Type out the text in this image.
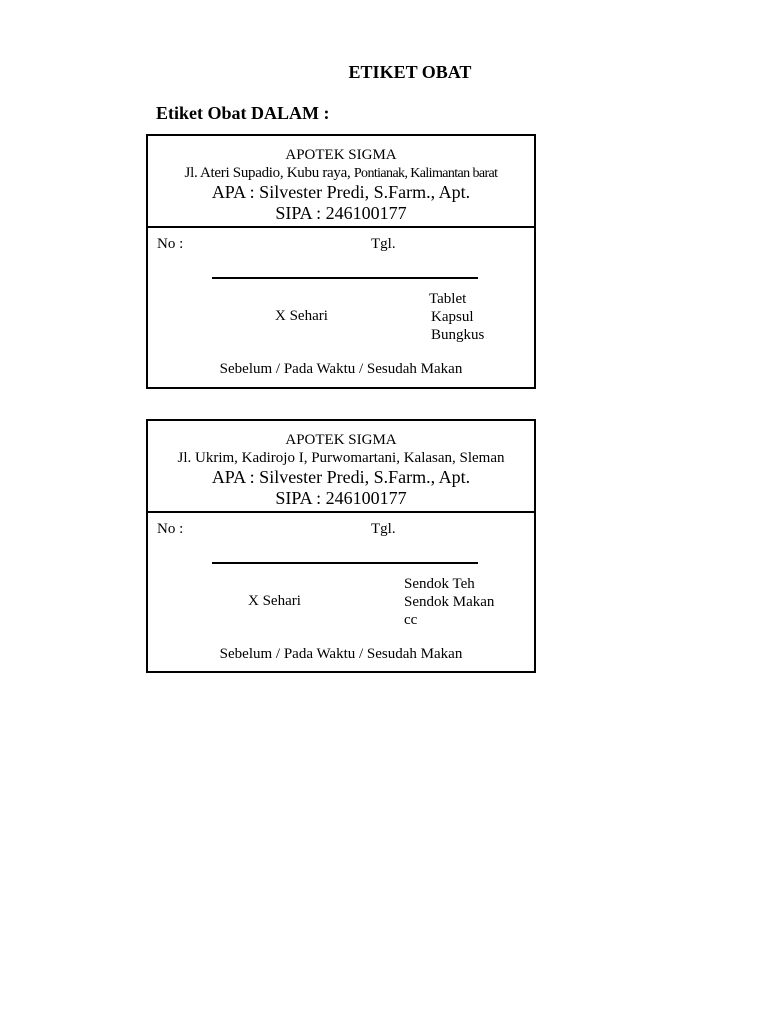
ETIKET OBAT
Etiket Obat DALAM :
APOTEK SIGMA
Jl. Ateri Supadio, Kubu raya, Pontianak, Kalimantan barat
APA : Silvester Predi, S.Farm., Apt.
SIPA : 246100177
No :	Tgl.
X Sehari
Tablet
Kapsul
Bungkus
Sebelum / Pada Waktu / Sesudah Makan
APOTEK SIGMA
Jl. Ukrim, Kadirojo I, Purwomartani, Kalasan, Sleman
APA : Silvester Predi, S.Farm., Apt.
SIPA : 246100177
No :	Tgl.
X Sehari
Sendok Teh
Sendok Makan
cc
Sebelum / Pada Waktu / Sesudah Makan
